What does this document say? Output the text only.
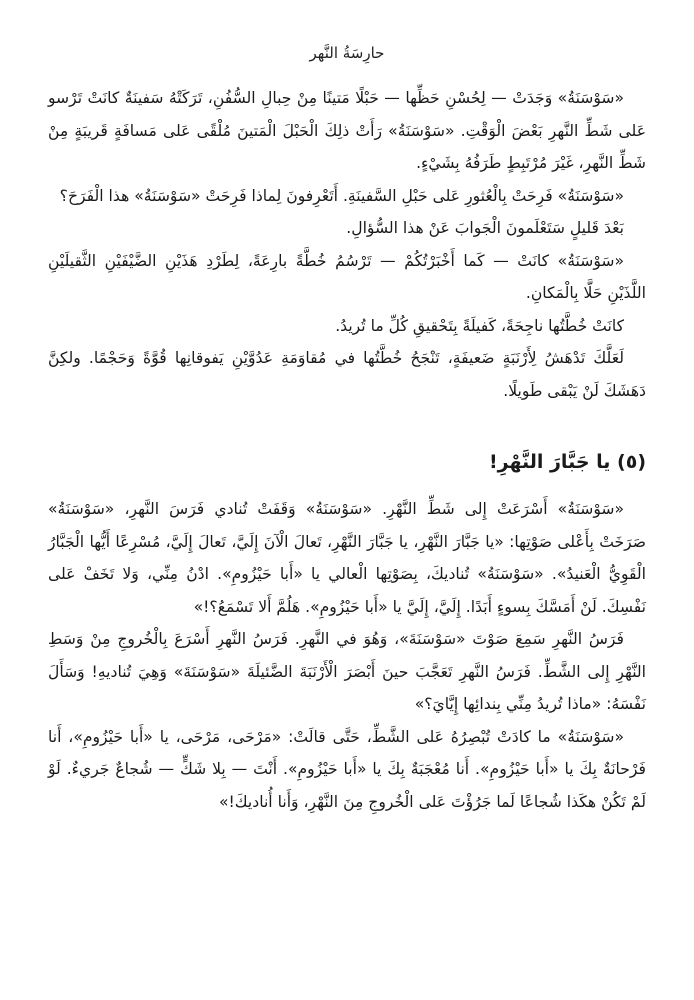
حارِسَةُ النَّهر

«سَوْسَنَةُ» وَجَدَتْ — لِحُسْنِ حَظِّها — حَبْلًا مَتينًا مِنْ حِبالِ السُّفُنِ، تَرَكَتْهُ سَفينَةٌ كانَتْ تَرْسو عَلى شَطِّ النَّهرِ بَعْضَ الْوَقْتِ. «سَوْسَنَةُ» رَأَتْ ذلِكَ الْحَبْلَ الْمَتينَ مُلْقًى عَلى مَسافَةٍ قَريبَةٍ مِنْ شَطِّ النَّهرِ، غَيْرَ مُرْتَبِطٍ طَرَفُهُ بِشَيْءٍ.

«سَوْسَنَةُ» فَرِحَتْ بِالْعُثورِ عَلى حَبْلِ السَّفينَةِ. أَتَعْرِفونَ لِماذا فَرِحَتْ «سَوْسَنَةُ» هذا الْفَرَحَ؟

بَعْدَ قَليلٍ سَتَعْلَمونَ الْجَوابَ عَنْ هذا السُّؤالِ.

«سَوْسَنَةُ» كانَتْ — كَما أَخْبَرْتُكُمْ — تَرْسُمُ خُطَّةً بارِعَةً، لِطَرْدِ هَذَيْنِ الضَّيْفَيْنِ الثَّقيلَيْنِ اللَّذَيْنِ حَلَّا بِالْمَكانِ.

كانَتْ خُطَّتُها ناجِحَةً، كَفيلَةً بِتَحْقيقِ كُلِّ ما تُريدُ.

لَعَلَّكَ تَدْهَشُ لِأَرْنَبَةٍ ضَعيفَةٍ، تَنْجَحُ خُطَّتُها في مُقاوَمَةِ عَدُوَّيْنِ يَفوقانِها قُوَّةً وَحَجْمًا. ولكِنَّ دَهَشَكَ لَنْ يَبْقى طَويلًا.

(٥) يا جَبَّارَ النَّهْرِ!

«سَوْسَنَةُ» أَسْرَعَتْ إِلى شَطِّ النَّهْرِ. «سَوْسَنَةُ» وَقَفَتْ تُنادي فَرَسَ النَّهرِ، «سَوْسَنَةُ» صَرَخَتْ بِأَعْلى صَوْتِها: «يا جَبَّارَ النَّهْرِ، يا جَبَّارَ النَّهْرِ، تَعالَ الْآنَ إِلَيَّ، تَعالَ إِلَيَّ، مُسْرِعًا أَيُّها الْجَبَّارُ الْقَوِيُّ الْعَنيدُ». «سَوْسَنَةُ» تُناديكَ، بِصَوْتِها الْعالي يا «أَبا حَيْزُومِ». ادْنُ مِنِّي، وَلا تَخَفْ عَلى نَفْسِكَ. لَنْ أَمَسَّكَ بِسوءٍ أَبَدًا. إِلَيَّ، إِلَيَّ يا «أَبا حَيْزُومِ». هَلُمَّ أَلا تَسْمَعُ؟!»

فَرَسُ النَّهرِ سَمِعَ صَوْتَ «سَوْسَنَةَ»، وَهُوَ في النَّهرِ. فَرَسُ النَّهرِ أَسْرَعَ بِالْخُروجِ مِنْ وَسَطِ النَّهْرِ إِلى الشَّطِّ. فَرَسُ النَّهرِ تَعَجَّبَ حينَ أَبْصَرَ الْأَرْنَبَةَ الضَّئيلَةَ «سَوْسَنَةَ» وَهِيَ تُناديهِ! وَسَأَلَ نَفْسَهُ: «ماذا تُريدُ مِنِّي بِندائِها إِيَّايَ؟»

«سَوْسَنَةُ» ما كادَتْ تُبْصِرُهُ عَلى الشَّطِّ، حَتَّى قالَتْ: «مَرْحَى، مَرْحَى، يا «أَبا حَيْزُومِ»، أَنا فَرْحانَةٌ بِكَ يا «أَبا حَيْزُومِ». أَنا مُعْجَبَةٌ بِكَ يا «أَبا حَيْزُومِ». أَنْتَ — بِلا شَكٍّ — شُجاعٌ جَريءٌ. لَوْ لَمْ تَكُنْ هكَذا شُجاعًا لَما جَرُؤْتَ عَلى الْخُروجِ مِنَ النَّهْرِ، وَأَنا أُناديكَ!»
